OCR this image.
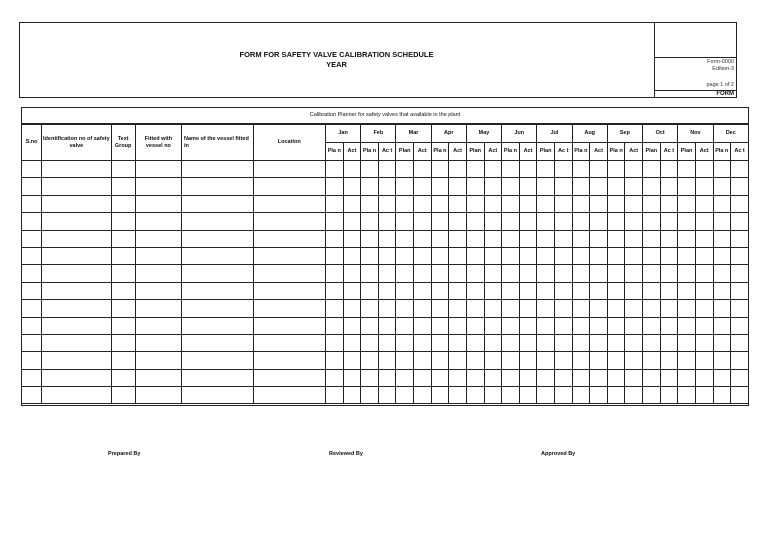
FORM FOR SAFETY VALVE CALIBRATION SCHEDULE
YEAR	Form-0000
Edition-3
page 1 of 2
FORM
Calibration Planner for safety valves that available in the plant
S.no	Identification no of safety valve	Text Group	Fitted with vessel no	Name of the vessel fitted in	Location	Jan		Feb		Mar		Apr		May		Jun		Jul		Aug		Sep		Oct		Nov		Dec	
						Pla n	Act	Pla n	Ac t	Plan	Act	Pla n	Act	Plan	Act	Pla n	Act	Plan	Ac t	Pla n	Act	Pla n	Act	Plan	Ac t	Plan	Act	Pla n	Ac t

Prepared By	Reviewed By	Approved By
